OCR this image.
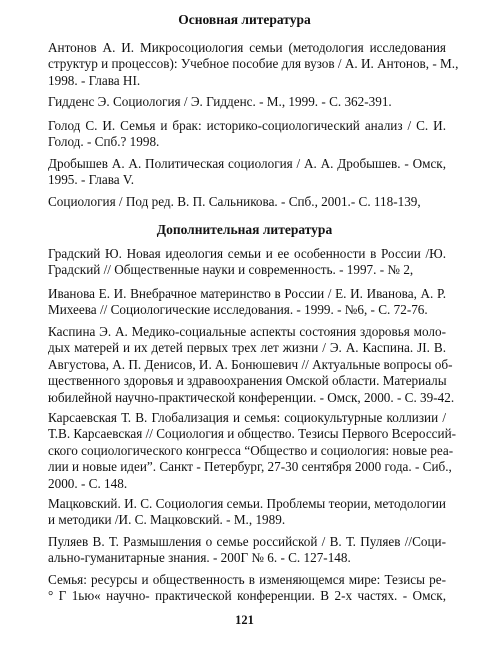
Основная литература

Антонов А. И. Микросоциология семьи (методология исследования
структур и процессов): Учебное пособие для вузов / А. И. Антонов, - М.,
1998. - Глава HI.

Гидденс Э. Социология / Э. Гидденс. - М., 1999. - С. 362-391.

Голод С. И. Семья и брак: историко-социологический анализ / С. И.
Голод. - Спб.? 1998.

Дробышев А. А. Политическая социология / А. А. Дробышев. - Омск,
1995. - Глава V.

Социология / Под ред. В. П. Сальникова. - Спб., 2001.- С. 118-139,

Дополнительная литература

Градский Ю. Новая идеология семьи и ее особенности в России /Ю.
Градский // Общественные науки и современность. - 1997. - № 2,

Иванова Е. И. Внебрачное материнство в России / Е. И. Иванова, А. Р.
Михеева // Социологические исследования. - 1999. - №6, - С. 72-76.

Каспина Э. А. Медико-социальные аспекты состояния здоровья моло-
дых матерей и их детей первых трех лет жизни / Э. А. Каспина. JI. В.
Августова, А. П. Денисов, И. А. Бонюшевич // Актуальные вопросы об-
щественного здоровья и здравоохранения Омской области. Материалы
юбилейной научно-практической конференции. - Омск, 2000. - С. 39-42.

Карсаевская Т. В. Глобализация и семья: социокультурные коллизии /
Т.В. Карсаевская // Социология и общество. Тезисы Первого Всероссий-
ского социологического конгресса “Общество и социология: новые реа-
лии и новые идеи”. Санкт - Петербург, 27-30 сентября 2000 года. - Сиб.,
2000. - С. 148.

Мацковский. И. С. Социология семьи. Проблемы теории, методологии
и методики /И. С. Мацковский. - М., 1989.

Пуляев В. Т. Размышления о семье российской / В. Т. Пуляев //Соци-
ально-гуманитарные знания. - 200Г № 6. - С. 127-148.

Семья: ресурсы и общественность в изменяющемся мире: Тезисы ре-
° Г 1ью« научно- практической конференции. В 2-х частях. - Омск,

121
